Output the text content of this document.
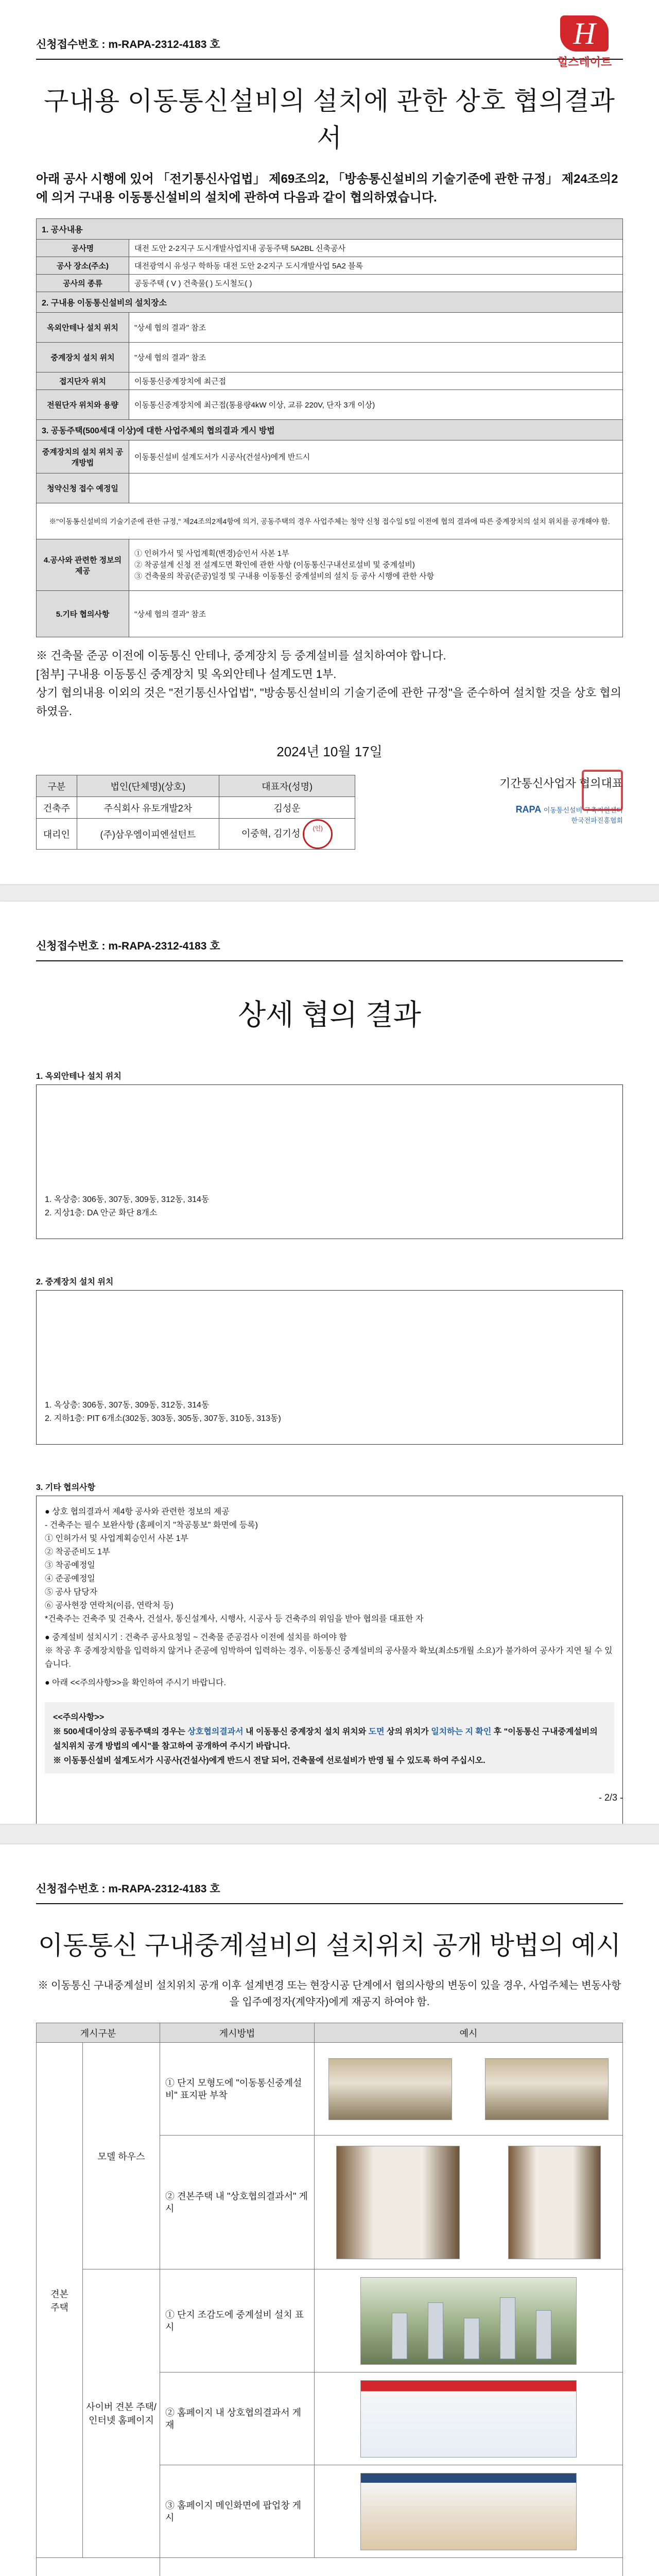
신청접수번호 : m-RAPA-2312-4183 호	H
힐스테이트
구내용 이동통신설비의 설치에 관한 상호 협의결과서

아래 공사 시행에 있어 「전기통신사업법」 제69조의2, 「방송통신설비의 기술기준에 관한 규정」 제24조의2에 의거 구내용 이동통신설비의 설치에 관하여 다음과 같이 협의하였습니다.

1. 공사내용	
공사명	대전 도안 2-2지구 도시개발사업지내 공동주택 5A2BL 신축공사
공사 장소(주소)	대전광역시 유성구 학하동 대전 도안 2-2지구 도시개발사업 5A2 블록
공사의 종류	공동주택 ( V ) 건축물( ) 도시철도( )
2. 구내용 이동통신설비의 설치장소	
옥외안테나 설치 위치	"상세 협의 결과" 참조
중계장치 설치 위치	"상세 협의 결과" 참조
접지단자 위치	이동통신중계장치에 최근접
전원단자 위치와 용량	이동통신중계장치에 최근접(통용량4kW 이상, 교류 220V, 단자 3개 이상)
3. 공동주택(500세대 이상)에 대한 사업주체의 협의결과 게시 방법	
중계장치의 설치 위치 공개방법	이동통신설비 설계도서가 시공사(건설사)에게 반드시
청약신청 접수 예정일	
※"이동통신설비의 기술기준에 관한 규정," 제24조의2제4항에 의거, 공동주택의 경우 사업주체는 청약 신청 접수일 5일 이전에 협의 결과에 따른 중계장치의 설치 위치를 공개해야 함.	
4.공사와 관련한 정보의 제공	① 인허가서 및 사업계획(변경)승인서 사본 1부
② 착공설계 신청 전 설계도면 확인에 관한 사항 (이동통신구내선로설비 및 중계설비)
③ 건축물의 착공(준공)일정 및 구내용 이동통신 중계설비의 설치 등 공사 시행에 관한 사항

5.기타 협의사항	"상세 협의 결과" 참조

※ 건축물 준공 이전에 이동통신 안테나, 중계장치 등 중계설비를 설치하여야 합니다.

[첨부] 구내용 이동통신 중계장치 및 옥외안테나 설계도면 1부.

상기 협의내용 이외의 것은 "전기통신사업법", "방송통신설비의 기술기준에 관한 규정"을 준수하여 설치할 것을 상호 협의하였음.

2024년 10월 17일
구분	법인(단체명)(상호)	대표자(성명)
건축주	주식회사 유토개발2차	김성운
대리인	(주)삼우엠이피엔설턴트	이중혁, 김기성 (인)
기간통신사업자 협의대표
RAPA 이동통신설비 구축지원센터
한국전파진흥협회
신청접수번호 : m-RAPA-2312-4183 호
상세 협의 결과
1. 옥외안테나 설치 위치
1. 옥상층: 306동, 307동, 309동, 312동, 314동
2. 지상1층: DA 안군 화단 8개소
2. 중계장치 설치 위치
1. 옥상층: 306동, 307동, 309동, 312동, 314동
2. 지하1층: PIT 6개소(302동, 303동, 305동, 307동, 310동, 313동)
3. 기타 협의사항
● 상호 협의결과서 제4항 공사와 관련한 정보의 제공
- 건축주는 필수 보완사항 (홈페이지 "착공통보" 화면에 등록)
① 인허가서 및 사업계획승인서 사본 1부
② 착공준비도 1부
③ 착공예정일
④ 준공예정일
⑤ 공사 담당자
⑥ 공사현장 연락처(이름, 연락처 등)
*건축주는 건축주 및 건축사, 건설사, 통신설계사, 시행사, 시공사 등 건축주의 위임을 받아 협의를 대표한 자
● 중계설비 설치시기 : 건축주 공사요청일 ~ 건축물 준공검사 이전에 설치를 하여야 함
※ 착공 후 중계장치함을 입력하지 않거나 준공에 임박하여 입력하는 경우, 이동통신 중계설비의 공사물자 확보(최소5개월 소요)가 불가하여 공사가 지연 될 수 있습니다.
● 아래 <<주의사항>>을 확인하여 주시기 바랍니다.
<<주의사항>>
※ 500세대이상의 공동주택의 경우는 상호협의결과서 내 이동통신 중계장치 설치 위치와 도면 상의 위치가 일치하는 지 확인 후 "이동통신 구내중계설비의 설치위치 공개 방법의 예시"를 참고하여 공개하여 주시기 바랍니다.
※ 이동통신설비 설계도서가 시공사(건설사)에게 반드시 전달 되어, 건축물에 선로설비가 반영 될 수 있도록 하여 주십시오.
- 2/3 -
신청접수번호 : m-RAPA-2312-4183 호
이동통신 구내중계설비의 설치위치 공개 방법의 예시

※ 이동통신 구내중계설비 설치위치 공개 이후 설계변경 또는 현장시공 단계에서 협의사항의 변동이 있을 경우, 사업주체는 변동사항을 입주예정자(계약자)에게 재공지 하여야 함.

게시구분		게시방법	예시
견본주택	모델 하우스	① 단지 모형도에 "이동통신중계설비" 표지판 부착	

		② 견본주택 내 "상호협의결과서" 게시	

	사이버 견본 주택/ 인터넷 홈페이지	① 단지 조감도에 중계설비 설치 표시	

		② 홈페이지 내 상호협의결과서 게재	

		③ 홈페이지 메인화면에 팝업창 게시	
